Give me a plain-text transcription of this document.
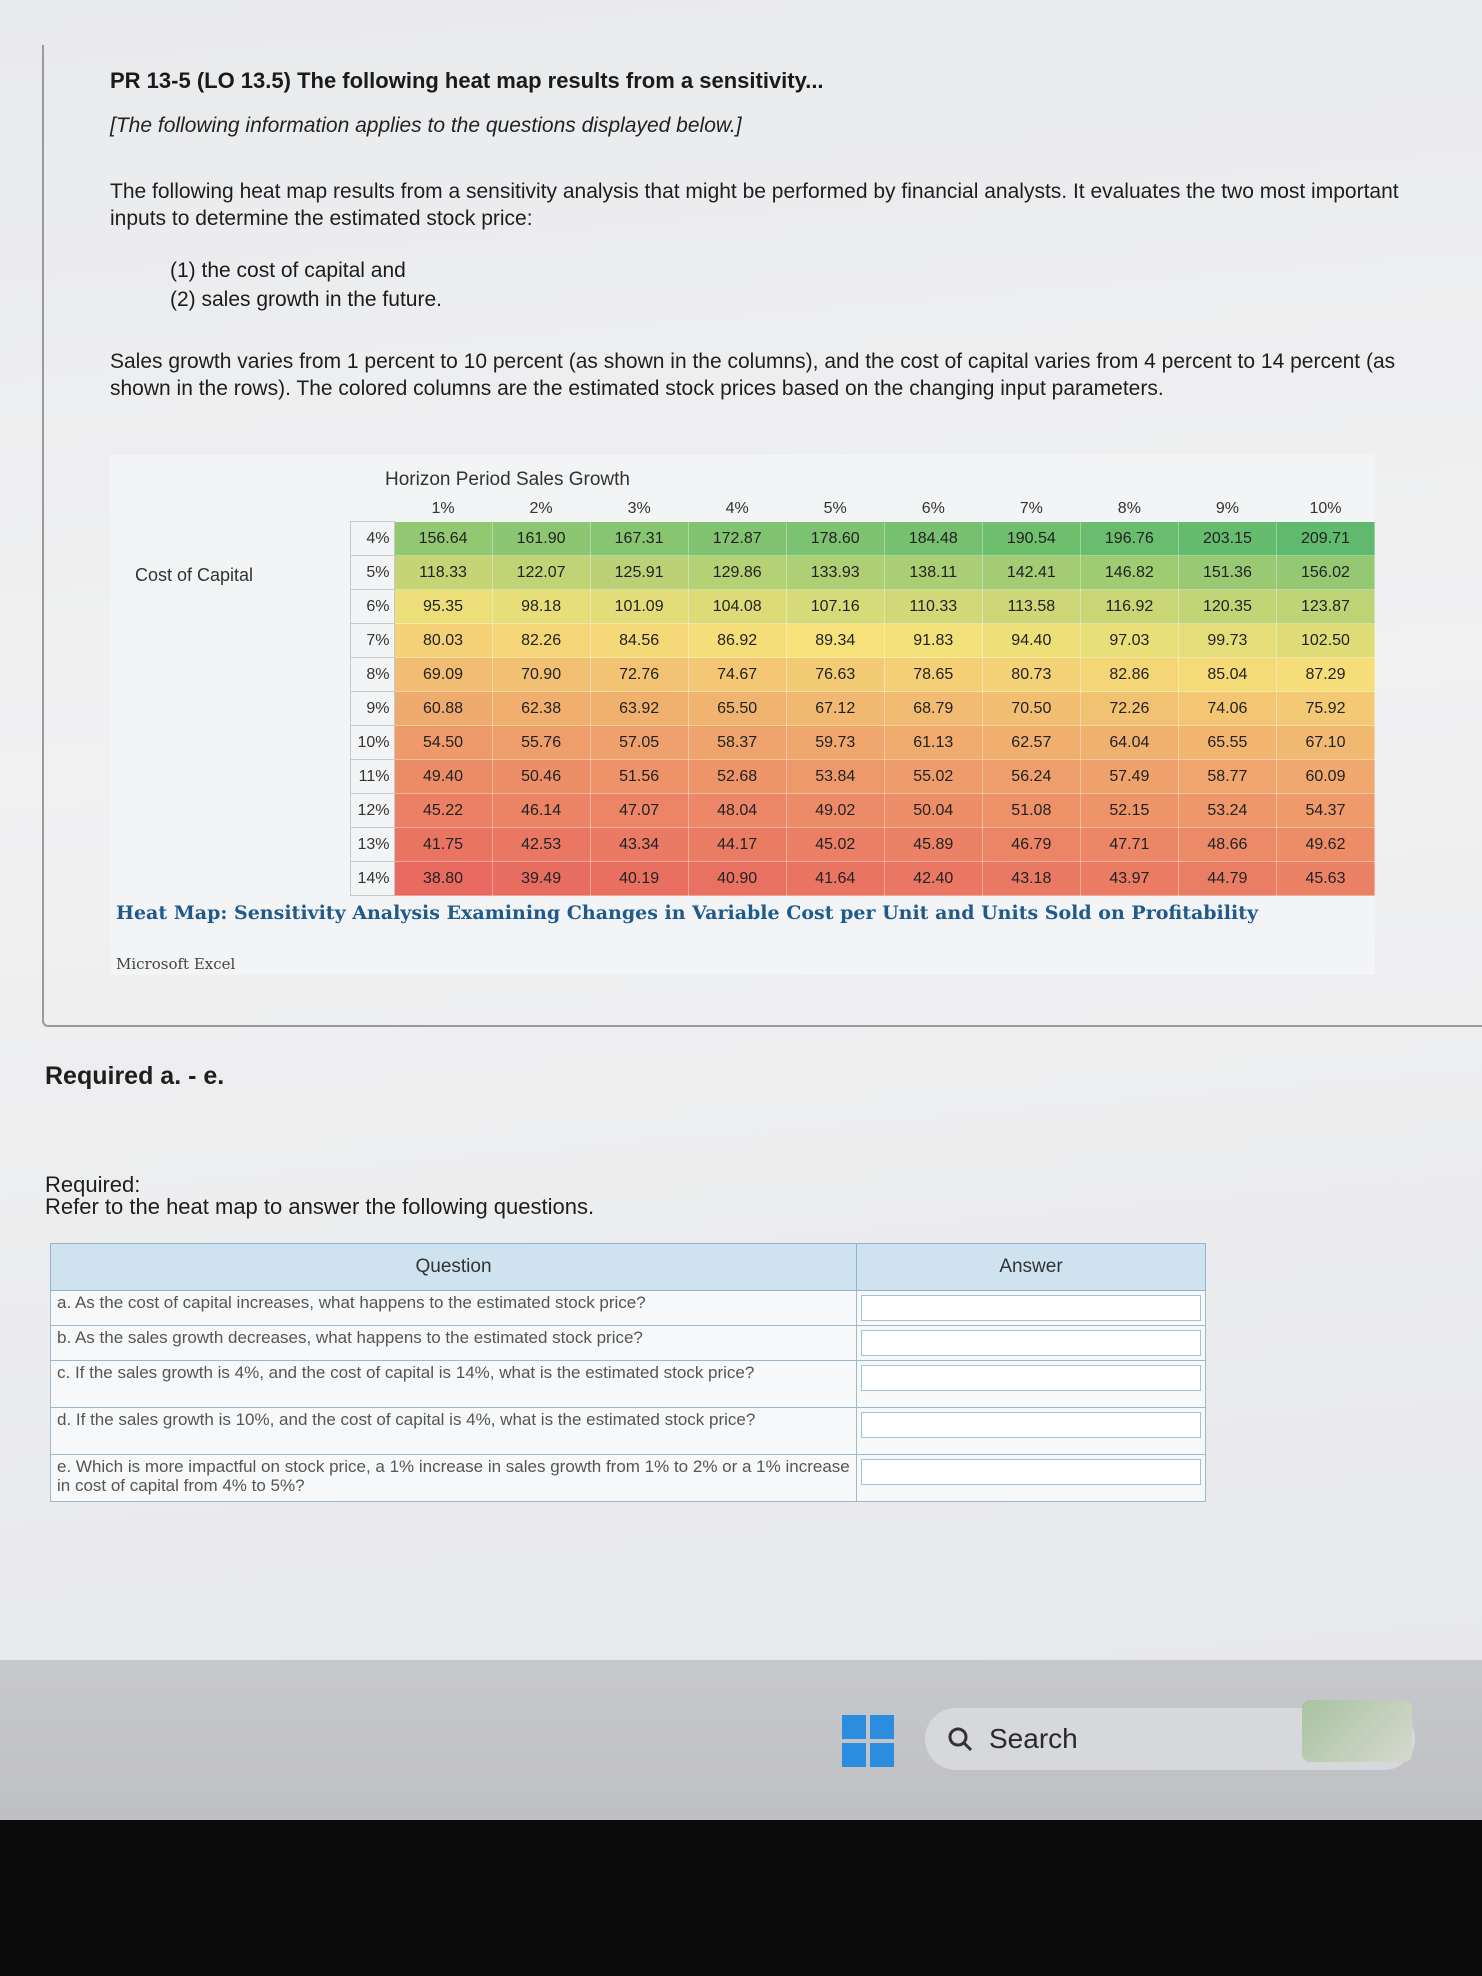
PR 13-5 (LO 13.5) The following heat map results from a sensitivity...
[The following information applies to the questions displayed below.]
The following heat map results from a sensitivity analysis that might be performed by financial analysts. It evaluates the two most important inputs to determine the estimated stock price:
(1) the cost of capital and
(2) sales growth in the future.
Sales growth varies from 1 percent to 10 percent (as shown in the columns), and the cost of capital varies from 4 percent to 14 percent (as shown in the rows). The colored columns are the estimated stock prices based on the changing input parameters.
Horizon Period Sales Growth
Cost of Capital
	1%	2%	3%	4%	5%	6%	7%	8%	9%	10%
4%	156.64	161.90	167.31	172.87	178.60	184.48	190.54	196.76	203.15	209.71
5%	118.33	122.07	125.91	129.86	133.93	138.11	142.41	146.82	151.36	156.02
6%	95.35	98.18	101.09	104.08	107.16	110.33	113.58	116.92	120.35	123.87
7%	80.03	82.26	84.56	86.92	89.34	91.83	94.40	97.03	99.73	102.50
8%	69.09	70.90	72.76	74.67	76.63	78.65	80.73	82.86	85.04	87.29
9%	60.88	62.38	63.92	65.50	67.12	68.79	70.50	72.26	74.06	75.92
10%	54.50	55.76	57.05	58.37	59.73	61.13	62.57	64.04	65.55	67.10
11%	49.40	50.46	51.56	52.68	53.84	55.02	56.24	57.49	58.77	60.09
12%	45.22	46.14	47.07	48.04	49.02	50.04	51.08	52.15	53.24	54.37
13%	41.75	42.53	43.34	44.17	45.02	45.89	46.79	47.71	48.66	49.62
14%	38.80	39.49	40.19	40.90	41.64	42.40	43.18	43.97	44.79	45.63
Heat Map: Sensitivity Analysis Examining Changes in Variable Cost per Unit and Units Sold on Profitability
Microsoft Excel
Required a. - e.
Required:
Refer to the heat map to answer the following questions.
Question	Answer
a. As the cost of capital increases, what happens to the estimated stock price?	

b. As the sales growth decreases, what happens to the estimated stock price?	

c. If the sales growth is 4%, and the cost of capital is 14%, what is the estimated stock price?	

d. If the sales growth is 10%, and the cost of capital is 4%, what is the estimated stock price?	

e. Which is more impactful on stock price, a 1% increase in sales growth from 1% to 2% or a 1% increase in cost of capital from 4% to 5%?	
Search
